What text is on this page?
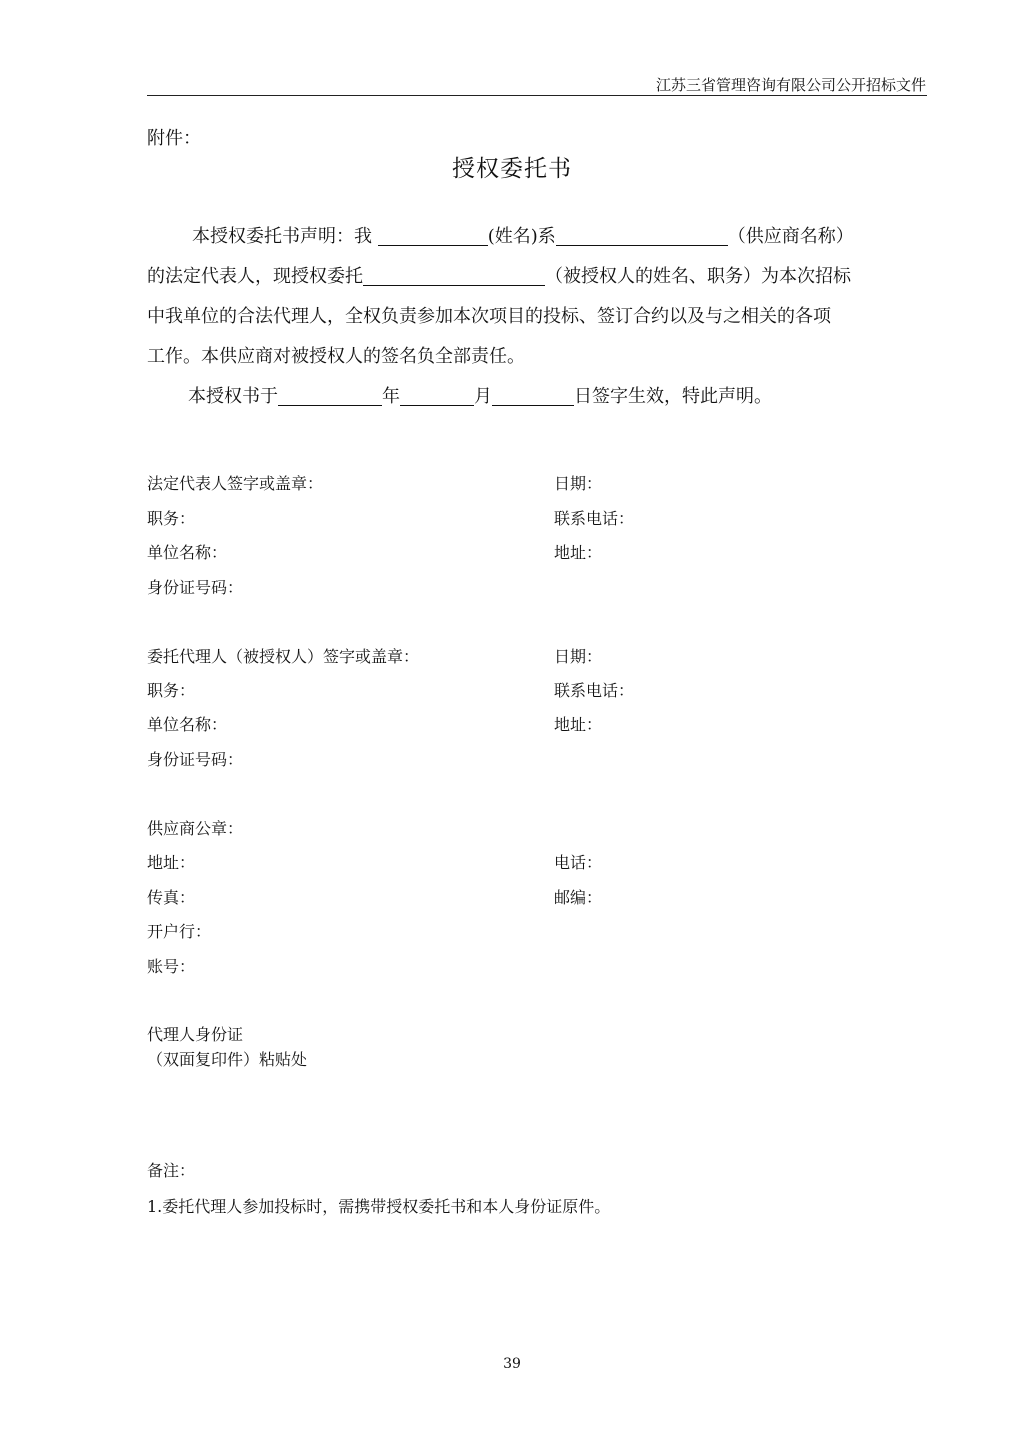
江苏三省管理咨询有限公司公开招标文件
附件：
授权委托书
本授权委托书声明：我	(姓名)系	（供应商名称）
的法定代表人，现授权委托	（被授权人的姓名、职务）为本次招标
中我单位的合法代理人，全权负责参加本次项目的投标、签订合约以及与之相关的各项
工作。本供应商对被授权人的签名负全部责任。
本授权书于	年	月	日签字生效，特此声明。
法定代表人签字或盖章：	日期：
职务：	联系电话：
单位名称：	地址：
身份证号码：
委托代理人（被授权人）签字或盖章：	日期：
职务：	联系电话：
单位名称：	地址：
身份证号码：
供应商公章：
地址：	电话：
传真：	邮编：
开户行：
账号：
代理人身份证
（双面复印件）粘贴处
备注：
1.委托代理人参加投标时，需携带授权委托书和本人身份证原件。
39
